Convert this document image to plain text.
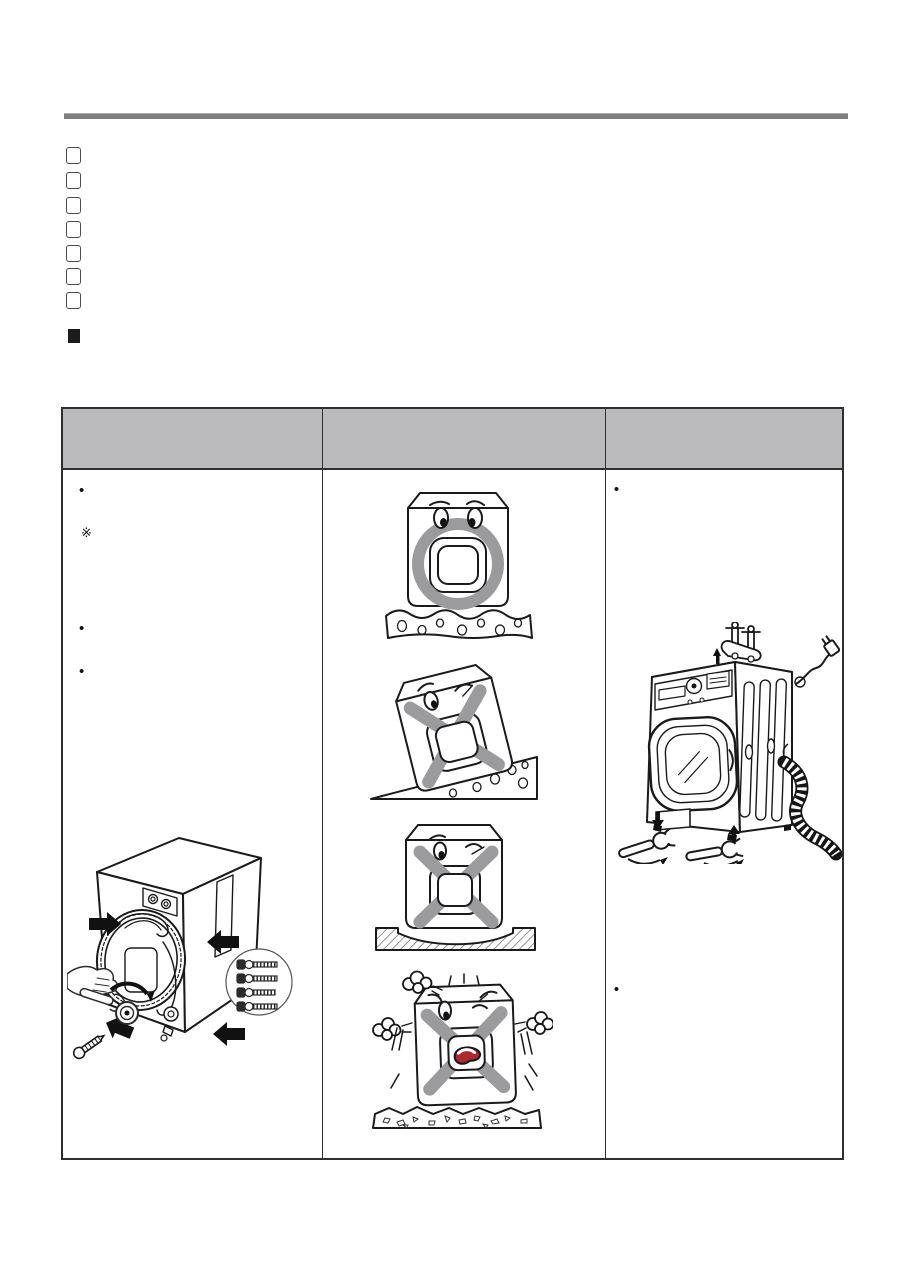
•
※
•
•
•
•
